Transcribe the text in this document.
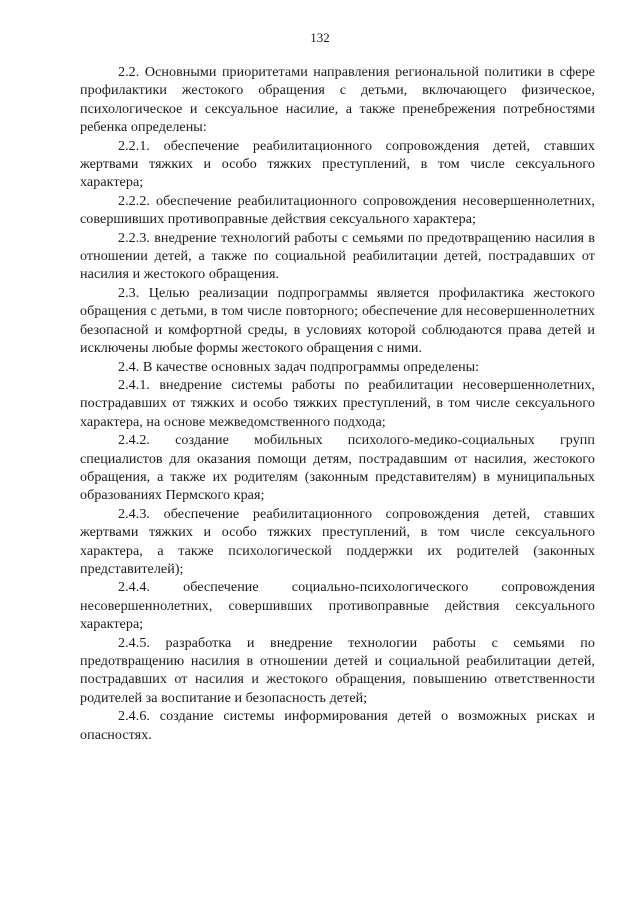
132

2.2. Основными приоритетами направления региональной политики в сфере профилактики жестокого обращения с детьми, включающего физическое, психологическое и сексуальное насилие, а также пренебрежения потребностями ребенка определены:

2.2.1. обеспечение реабилитационного сопровождения детей, ставших жертвами тяжких и особо тяжких преступлений, в том числе сексуального характера;

2.2.2. обеспечение реабилитационного сопровождения несовершеннолетних, совершивших противоправные действия сексуального характера;

2.2.3. внедрение технологий работы с семьями по предотвращению насилия в отношении детей, а также по социальной реабилитации детей, пострадавших от насилия и жестокого обращения.

2.3. Целью реализации подпрограммы является профилактика жестокого обращения с детьми, в том числе повторного; обеспечение для несовершеннолетних безопасной и комфортной среды, в условиях которой соблюдаются права детей и исключены любые формы жестокого обращения с ними.

2.4. В качестве основных задач подпрограммы определены:

2.4.1. внедрение системы работы по реабилитации несовершеннолетних, пострадавших от тяжких и особо тяжких преступлений, в том числе сексуального характера, на основе межведомственного подхода;

2.4.2. создание мобильных психолого-медико-социальных групп специалистов для оказания помощи детям, пострадавшим от насилия, жестокого обращения, а также их родителям (законным представителям) в муниципальных образованиях Пермского края;

2.4.3. обеспечение реабилитационного сопровождения детей, ставших жертвами тяжких и особо тяжких преступлений, в том числе сексуального характера, а также психологической поддержки их родителей (законных представителей);

2.4.4. обеспечение социально-психологического сопровождения несовершеннолетних, совершивших противоправные действия сексуального характера;

2.4.5. разработка и внедрение технологии работы с семьями по предотвращению насилия в отношении детей и социальной реабилитации детей, пострадавших от насилия и жестокого обращения, повышению ответственности родителей за воспитание и безопасность детей;

2.4.6. создание системы информирования детей о возможных рисках и опасностях.
